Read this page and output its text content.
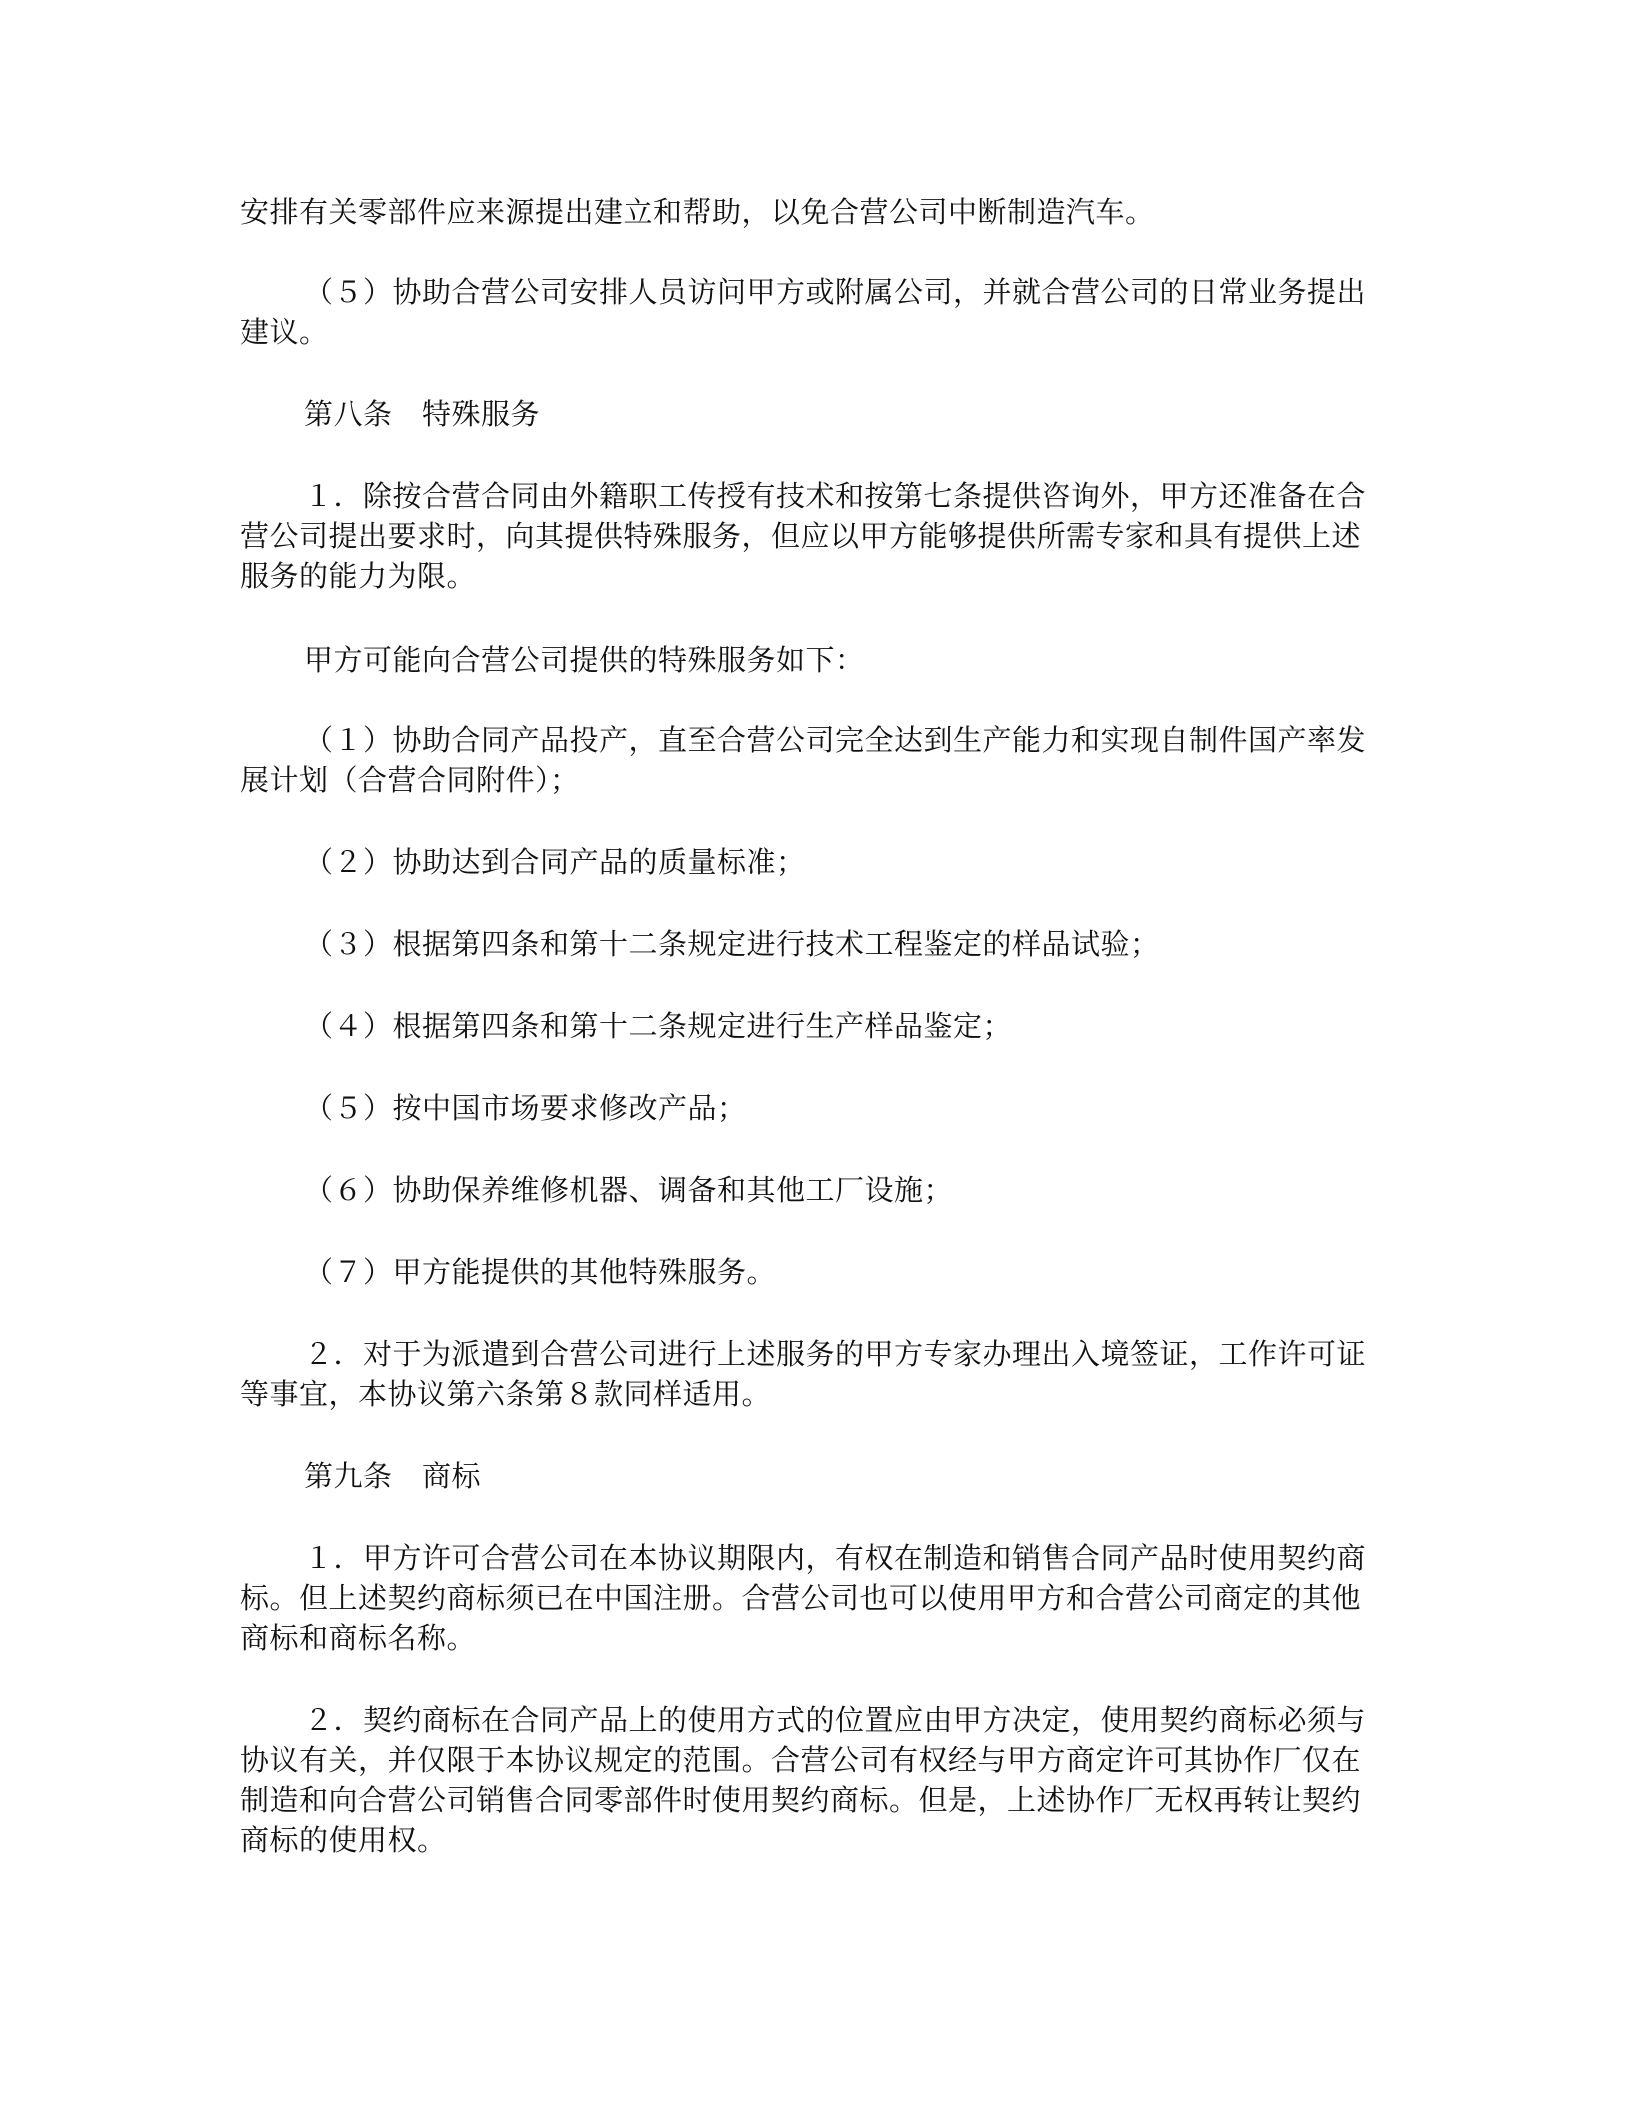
安排有关零部件应来源提出建立和帮助，以免合营公司中断制造汽车。

（５）协助合营公司安排人员访问甲方或附属公司，并就合营公司的日常业务提出建议。

第八条　特殊服务

１．除按合营合同由外籍职工传授有技术和按第七条提供咨询外，甲方还准备在合营公司提出要求时，向其提供特殊服务，但应以甲方能够提供所需专家和具有提供上述服务的能力为限。

甲方可能向合营公司提供的特殊服务如下：

（１）协助合同产品投产，直至合营公司完全达到生产能力和实现自制件国产率发展计划（合营合同附件）；

（２）协助达到合同产品的质量标准；

（３）根据第四条和第十二条规定进行技术工程鉴定的样品试验；

（４）根据第四条和第十二条规定进行生产样品鉴定；

（５）按中国市场要求修改产品；

（６）协助保养维修机器、调备和其他工厂设施；

（７）甲方能提供的其他特殊服务。

２．对于为派遣到合营公司进行上述服务的甲方专家办理出入境签证，工作许可证等事宜，本协议第六条第８款同样适用。

第九条　商标

１．甲方许可合营公司在本协议期限内，有权在制造和销售合同产品时使用契约商标。但上述契约商标须已在中国注册。合营公司也可以使用甲方和合营公司商定的其他商标和商标名称。

２．契约商标在合同产品上的使用方式的位置应由甲方决定，使用契约商标必须与协议有关，并仅限于本协议规定的范围。合营公司有权经与甲方商定许可其协作厂仅在制造和向合营公司销售合同零部件时使用契约商标。但是，上述协作厂无权再转让契约商标的使用权。
